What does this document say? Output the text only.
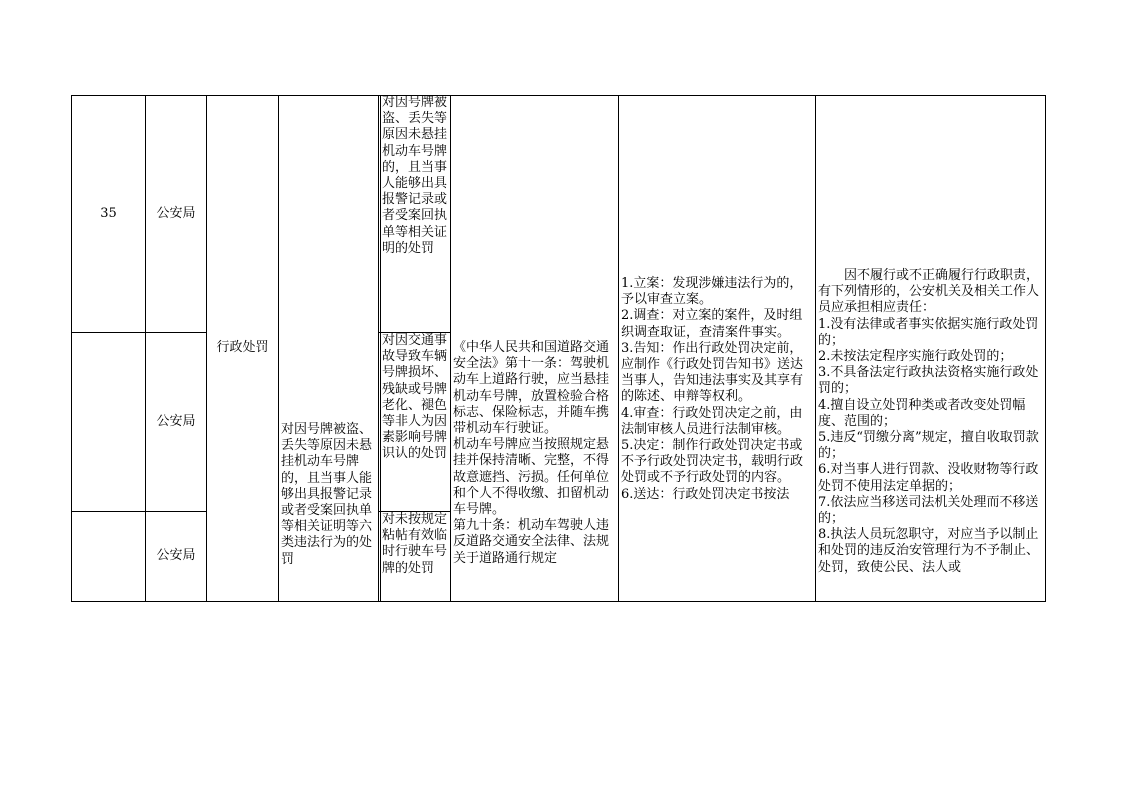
35	公安局
公安局
公安局
行政处罚
对因号牌被盗、丢失等原因未悬挂机动车号牌的，且当事人能够出具报警记录或者受案回执单等相关证明等六类违法行为的处罚
对因号牌被盗、丢失等原因未悬挂机动车号牌的，且当事人能够出具报警记录或者受案回执单等相关证明的处罚
对因交通事故导致车辆号牌损坏、残缺或号牌老化、褪色等非人为因素影响号牌识认的处罚
对未按规定粘帖有效临时行驶车号牌的处罚

《中华人民共和国道路交通安全法》第十一条：驾驶机动车上道路行驶，应当悬挂机动车号牌，放置检验合格标志、保险标志，并随车携带机动车行驶证。

机动车号牌应当按照规定悬挂并保持清晰、完整，不得故意遮挡、污损。任何单位和个人不得收缴、扣留机动车号牌。

第九十条：机动车驾驶人违反道路交通安全法律、法规关于道路通行规定

1.立案：发现涉嫌违法行为的，予以审查立案。

2.调查：对立案的案件，及时组织调查取证，查清案件事实。

3.告知：作出行政处罚决定前，应制作《行政处罚告知书》送达当事人，告知违法事实及其享有的陈述、申辩等权利。

4.审查：行政处罚决定之前，由法制审核人员进行法制审核。

5.决定：制作行政处罚决定书或不予行政处罚决定书，载明行政处罚或不予行政处罚的内容。

6.送达：行政处罚决定书按法

因不履行或不正确履行行政职责，有下列情形的，公安机关及相关工作人员应承担相应责任：

1.没有法律或者事实依据实施行政处罚的；

2.未按法定程序实施行政处罚的；

3.不具备法定行政执法资格实施行政处罚的；

4.擅自设立处罚种类或者改变处罚幅度、范围的；

5.违反“罚缴分离”规定，擅自收取罚款的；

6.对当事人进行罚款、没收财物等行政处罚不使用法定单据的；

7.依法应当移送司法机关处理而不移送的；

8.执法人员玩忽职守，对应当予以制止和处罚的违反治安管理行为不予制止、处罚，致使公民、法人或
